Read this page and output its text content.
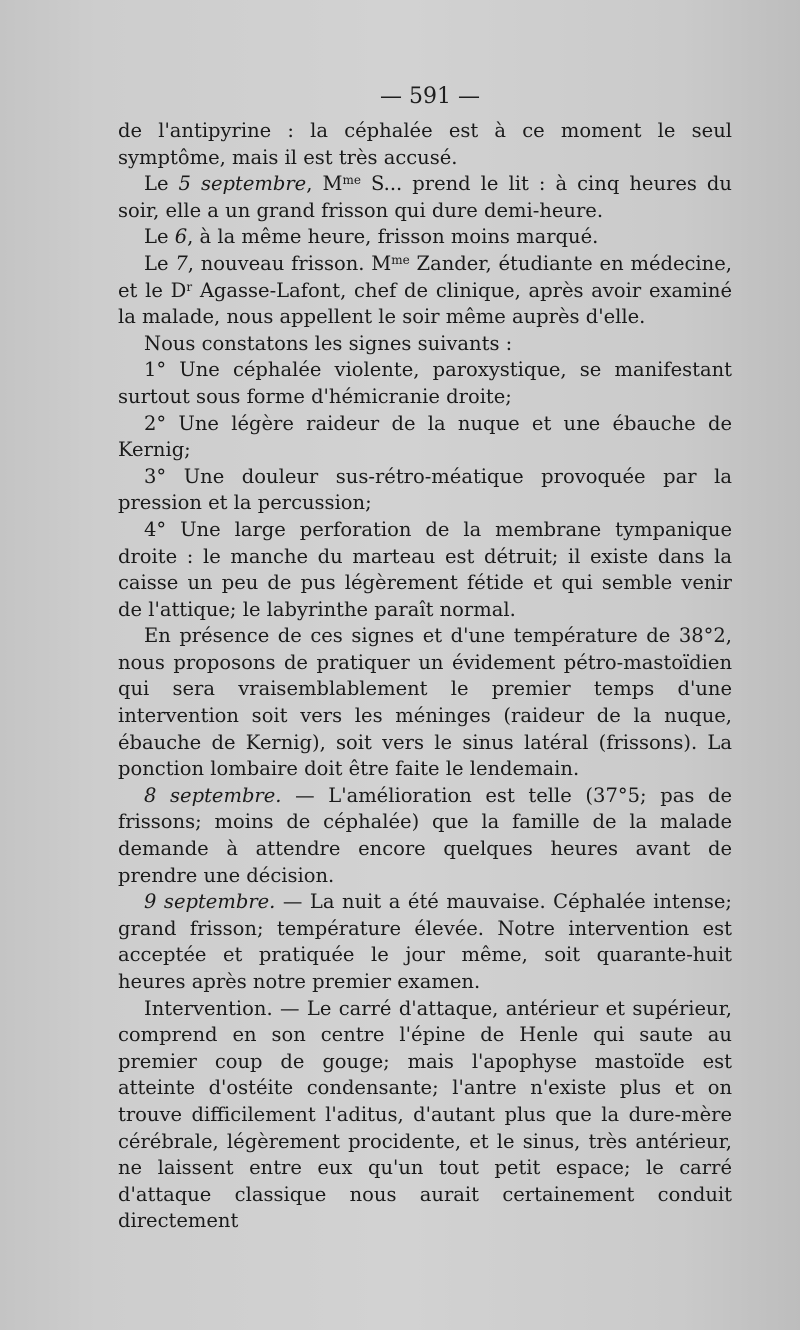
— 591 —

de l'antipyrine : la céphalée est à ce moment le seul symptôme, mais il est très accusé.

Le 5 septembre, $M^{me}$ S... prend le lit : à cinq heures du soir, elle a un grand frisson qui dure demi-heure.

Le 6, à la même heure, frisson moins marqué.

Le 7, nouveau frisson. $M^{me}$ Zander, étudiante en médecine, et le $D^r$ Agasse-Lafont, chef de clinique, après avoir examiné la malade, nous appellent le soir même auprès d'elle.

Nous constatons les signes suivants :

1° Une céphalée violente, paroxystique, se manifestant surtout sous forme d'hémicranie droite;

2° Une légère raideur de la nuque et une ébauche de Kernig;

3° Une douleur sus-rétro-méatique provoquée par la pression et la percussion;

4° Une large perforation de la membrane tympanique droite : le manche du marteau est détruit; il existe dans la caisse un peu de pus légèrement fétide et qui semble venir de l'attique; le labyrinthe paraît normal.

En présence de ces signes et d'une température de 38°2, nous proposons de pratiquer un évidement pétro-mastoïdien qui sera vraisemblablement le premier temps d'une intervention soit vers les méninges (raideur de la nuque, ébauche de Kernig), soit vers le sinus latéral (frissons). La ponction lombaire doit être faite le lendemain.

8 septembre. — L'amélioration est telle (37°5; pas de frissons; moins de céphalée) que la famille de la malade demande à attendre encore quelques heures avant de prendre une décision.

9 septembre. — La nuit a été mauvaise. Céphalée intense; grand frisson; température élevée. Notre intervention est acceptée et pratiquée le jour même, soit quarante-huit heures après notre premier examen.

Intervention. — Le carré d'attaque, antérieur et supérieur, comprend en son centre l'épine de Henle qui saute au premier coup de gouge; mais l'apophyse mastoïde est atteinte d'ostéite condensante; l'antre n'existe plus et on trouve difficilement l'aditus, d'autant plus que la dure-mère cérébrale, légèrement procidente, et le sinus, très antérieur, ne laissent entre eux qu'un tout petit espace; le carré d'attaque classique nous aurait certainement conduit directement
